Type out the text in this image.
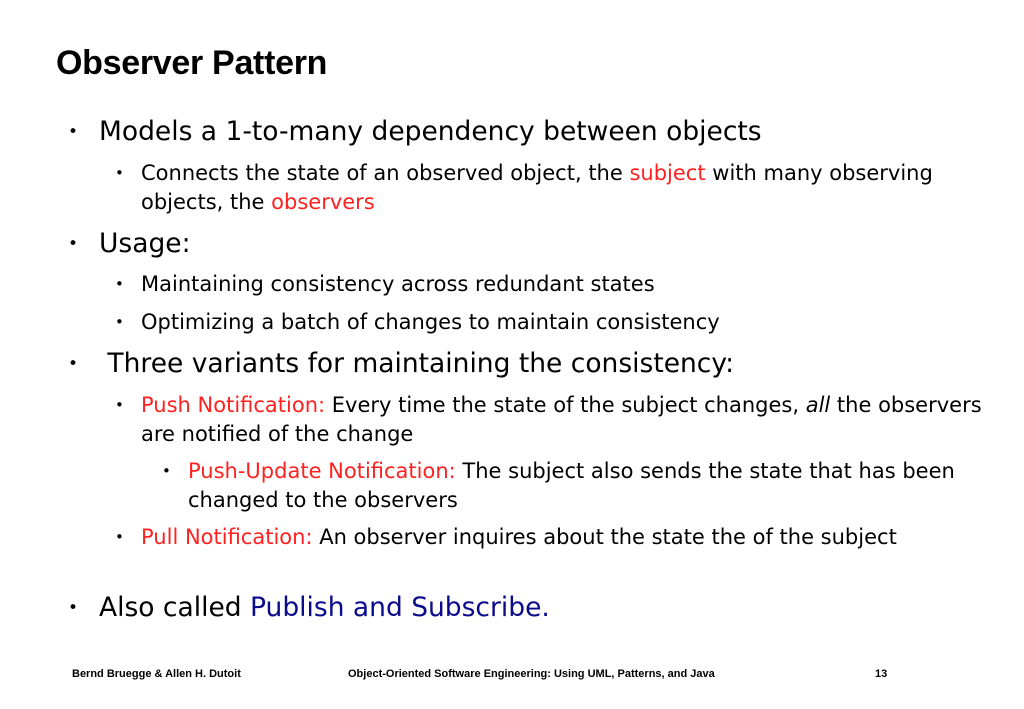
Observer Pattern
• Models a 1-to-many dependency between objects
• Connects the state of an observed object, the subject with many observing objects, the observers
• Usage:
• Maintaining consistency across redundant states
• Optimizing a batch of changes to maintain consistency
• Three variants for maintaining the consistency:
• Push Notification: Every time the state of the subject changes, all the observers are notified of the change
• Push-Update Notification: The subject also sends the state that has been changed to the observers
• Pull Notification: An observer inquires about the state the of the subject
• Also called Publish and Subscribe.
Bernd Bruegge & Allen H. Dutoit	Object-Oriented Software Engineering: Using UML, Patterns, and Java	13
